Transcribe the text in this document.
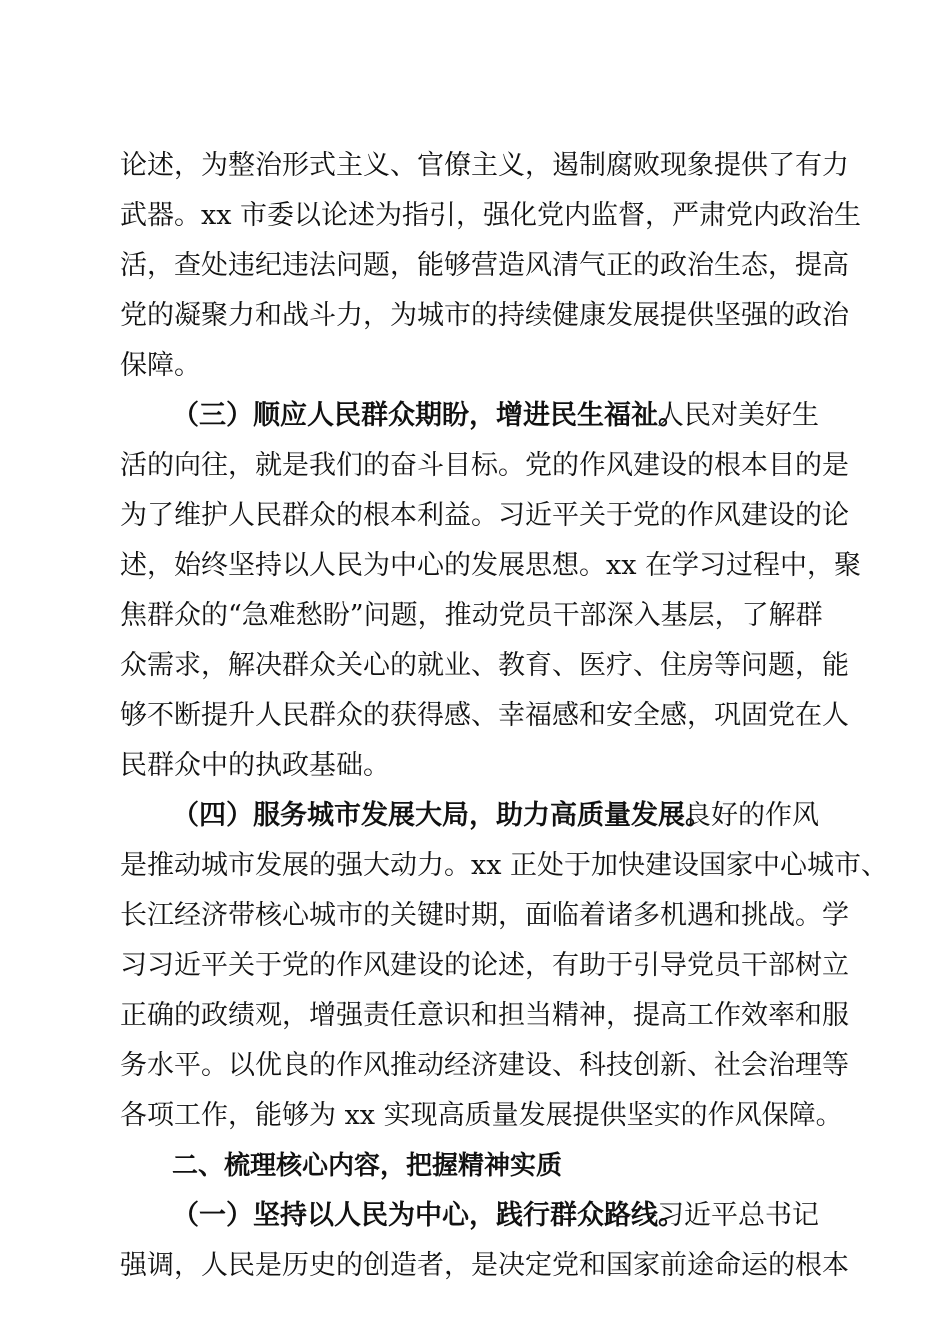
论述，为整治形式主义、官僚主义，遏制腐败现象提供了有力
武器。xx 市委以论述为指引，强化党内监督，严肃党内政治生
活，查处违纪违法问题，能够营造风清气正的政治生态，提高
党的凝聚力和战斗力，为城市的持续健康发展提供坚强的政治
保障。
（三）顺应人民群众期盼，增进民生福祉。
人民对美好生
活的向往，就是我们的奋斗目标。党的作风建设的根本目的是
为了维护人民群众的根本利益。习近平关于党的作风建设的论
述，始终坚持以人民为中心的发展思想。xx 在学习过程中，聚
焦群众的“急难愁盼”问题，推动党员干部深入基层，了解群
众需求，解决群众关心的就业、教育、医疗、住房等问题，能
够不断提升人民群众的获得感、幸福感和安全感，巩固党在人
民群众中的执政基础。
（四）服务城市发展大局，助力高质量发展。
良好的作风
是推动城市发展的强大动力。xx 正处于加快建设国家中心城市、
长江经济带核心城市的关键时期，面临着诸多机遇和挑战。学
习习近平关于党的作风建设的论述，有助于引导党员干部树立
正确的政绩观，增强责任意识和担当精神，提高工作效率和服
务水平。以优良的作风推动经济建设、科技创新、社会治理等
各项工作，能够为 xx 实现高质量发展提供坚实的作风保障。
二、梳理核心内容，把握精神实质
（一）坚持以人民为中心，践行群众路线。
习近平总书记
强调，人民是历史的创造者，是决定党和国家前途命运的根本
